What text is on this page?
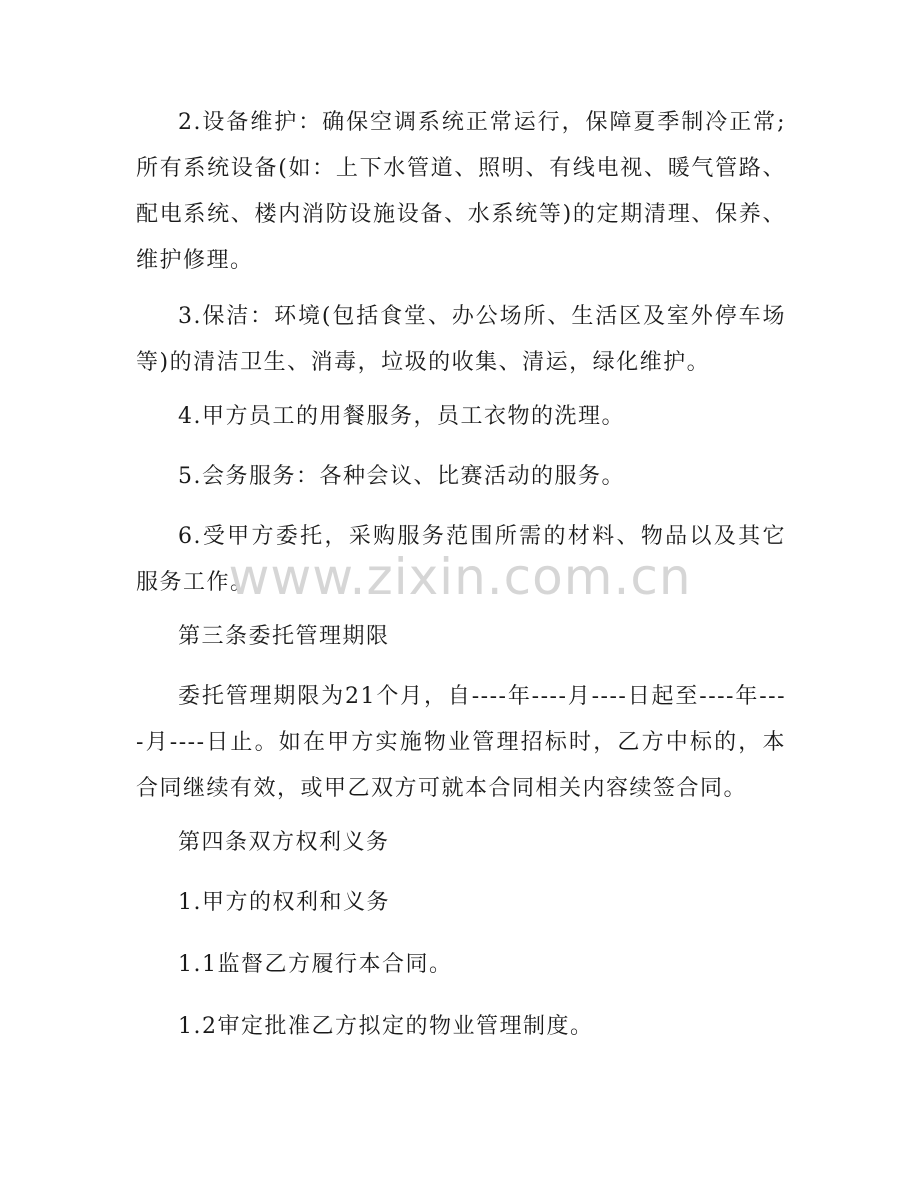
2.设备维护：确保空调系统正常运行，保障夏季制冷正常;所有系统设备(如：上下水管道、照明、有线电视、暖气管路、配电系统、楼内消防设施设备、水系统等)的定期清理、保养、维护修理。

3.保洁：环境(包括食堂、办公场所、生活区及室外停车场等)的清洁卫生、消毒，垃圾的收集、清运，绿化维护。

4.甲方员工的用餐服务，员工衣物的洗理。

5.会务服务：各种会议、比赛活动的服务。

6.受甲方委托，采购服务范围所需的材料、物品以及其它服务工作。

第三条委托管理期限

委托管理期限为21个月，自----年----月----日起至----年----月----日止。如在甲方实施物业管理招标时，乙方中标的，本合同继续有效，或甲乙双方可就本合同相关内容续签合同。

第四条双方权利义务

1.甲方的权利和义务

1.1监督乙方履行本合同。

1.2审定批准乙方拟定的物业管理制度。

www.zixin.com.cn
